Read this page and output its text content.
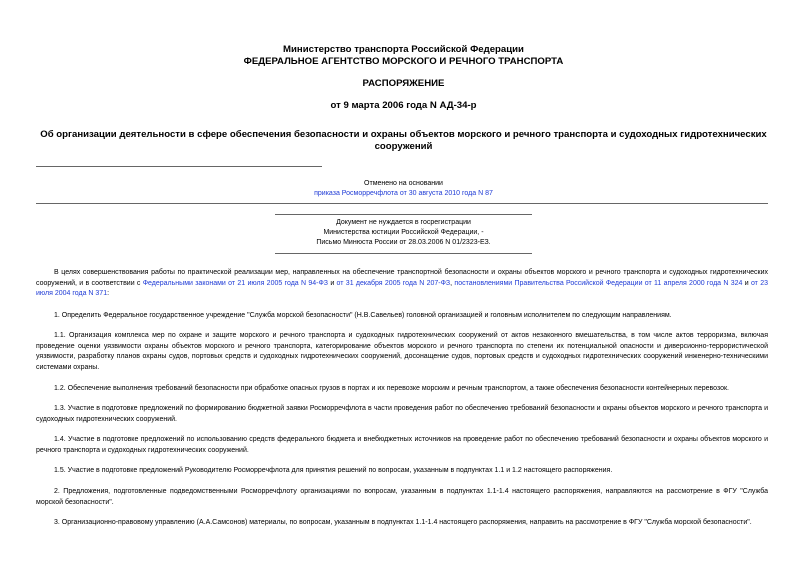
Министерство транспорта Российской Федерации
ФЕДЕРАЛЬНОЕ АГЕНТСТВО МОРСКОГО И РЕЧНОГО ТРАНСПОРТА
РАСПОРЯЖЕНИЕ
от 9 марта 2006 года N АД-34-р
Об организации деятельности в сфере обеспечения безопасности и охраны объектов морского и речного транспорта и судоходных гидротехнических сооружений
Отменено на основании
приказа Росморречфлота от 30 августа 2010 года N 87
Документ не нуждается в госрегистрации
Министерства юстиции Российской Федерации, -
Письмо Минюста России от 28.03.2006 N 01/2323-ЕЗ.
В целях совершенствования работы по практической реализации мер, направленных на обеспечение транспортной безопасности и охраны объектов морского и речного транспорта и судоходных гидротехнических сооружений, и в соответствии с Федеральными законами от 21 июля 2005 года N 94-ФЗ и от 31 декабря 2005 года N 207-ФЗ, постановлениями Правительства Российской Федерации от 11 апреля 2000 года N 324 и от 23 июля 2004 года N 371:
1. Определить Федеральное государственное учреждение "Служба морской безопасности" (Н.В.Савельев) головной организацией и головным исполнителем по следующим направлениям.
1.1. Организация комплекса мер по охране и защите морского и речного транспорта и судоходных гидротехнических сооружений от актов незаконного вмешательства, в том числе актов терроризма, включая проведение оценки уязвимости охраны объектов морского и речного транспорта, категорирование объектов морского и речного транспорта по степени их потенциальной опасности и диверсионно-террористической уязвимости, разработку планов охраны судов, портовых средств и судоходных гидротехнических сооружений, досонащение судов, портовых средств и судоходных гидротехнических сооружений инженерно-техническими системами охраны.
1.2. Обеспечение выполнения требований безопасности при обработке опасных грузов в портах и их перевозке морским и речным транспортом, а также обеспечения безопасности контейнерных перевозок.
1.3. Участие в подготовке предложений по формированию бюджетной заявки Росморречфлота в части проведения работ по обеспечению требований безопасности и охраны объектов морского и речного транспорта и судоходных гидротехнических сооружений.
1.4. Участие в подготовке предложений по использованию средств федерального бюджета и внебюджетных источников на проведение работ по обеспечению требований безопасности и охраны объектов морского и речного транспорта и судоходных гидротехнических сооружений.
1.5. Участие в подготовке предложений Руководителю Росморречфлота для принятия решений по вопросам, указанным в подпунктах 1.1 и 1.2 настоящего распоряжения.
2. Предложения, подготовленные подведомственными Росморречфлоту организациями по вопросам, указанным в подпунктах 1.1-1.4 настоящего распоряжения, направляются на рассмотрение в ФГУ "Служба морской безопасности".
3. Организационно-правовому управлению (А.А.Самсонов) материалы, по вопросам, указанным в подпунктах 1.1-1.4 настоящего распоряжения, направить на рассмотрение в ФГУ "Служба морской безопасности".
